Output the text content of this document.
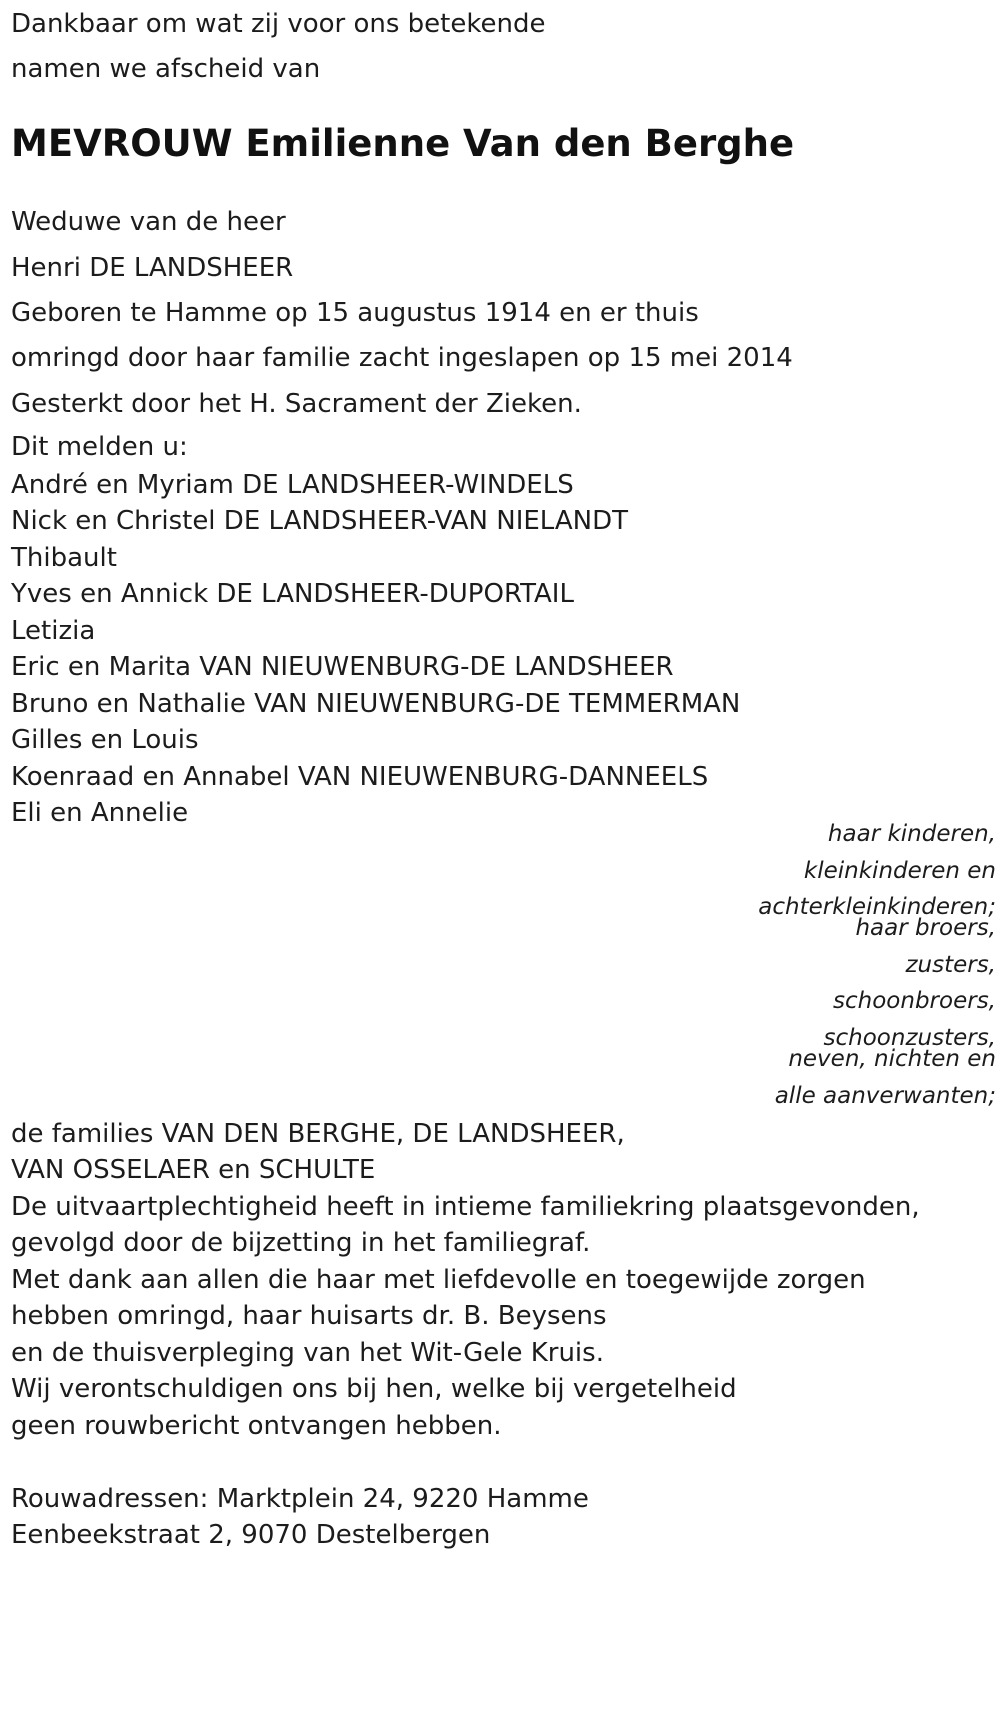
Dankbaar om wat zij voor ons betekende
namen we afscheid van
MEVROUW Emilienne Van den Berghe
Weduwe van de heer
Henri DE LANDSHEER
Geboren te Hamme op 15 augustus 1914 en er thuis
omringd door haar familie zacht ingeslapen op 15 mei 2014
Gesterkt door het H. Sacrament der Zieken.
Dit melden u:
André en Myriam DE LANDSHEER-WINDELS
Nick en Christel DE LANDSHEER-VAN NIELANDT
Thibault
Yves en Annick DE LANDSHEER-DUPORTAIL
Letizia
Eric en Marita VAN NIEUWENBURG-DE LANDSHEER
Bruno en Nathalie VAN NIEUWENBURG-DE TEMMERMAN
Gilles en Louis
Koenraad en Annabel VAN NIEUWENBURG-DANNEELS
Eli en Annelie
haar kinderen,
kleinkinderen en
achterkleinkinderen;
haar broers,
zusters,
schoonbroers,
schoonzusters,
neven, nichten en
alle aanverwanten;
de families VAN DEN BERGHE, DE LANDSHEER,
VAN OSSELAER en SCHULTE
De uitvaartplechtigheid heeft in intieme familiekring plaatsgevonden,
gevolgd door de bijzetting in het familiegraf.
Met dank aan allen die haar met liefdevolle en toegewijde zorgen
hebben omringd, haar huisarts dr. B. Beysens
en de thuisverpleging van het Wit-Gele Kruis.
Wij verontschuldigen ons bij hen, welke bij vergetelheid
geen rouwbericht ontvangen hebben.
Rouwadressen: Marktplein 24, 9220 Hamme
Eenbeekstraat 2, 9070 Destelbergen
